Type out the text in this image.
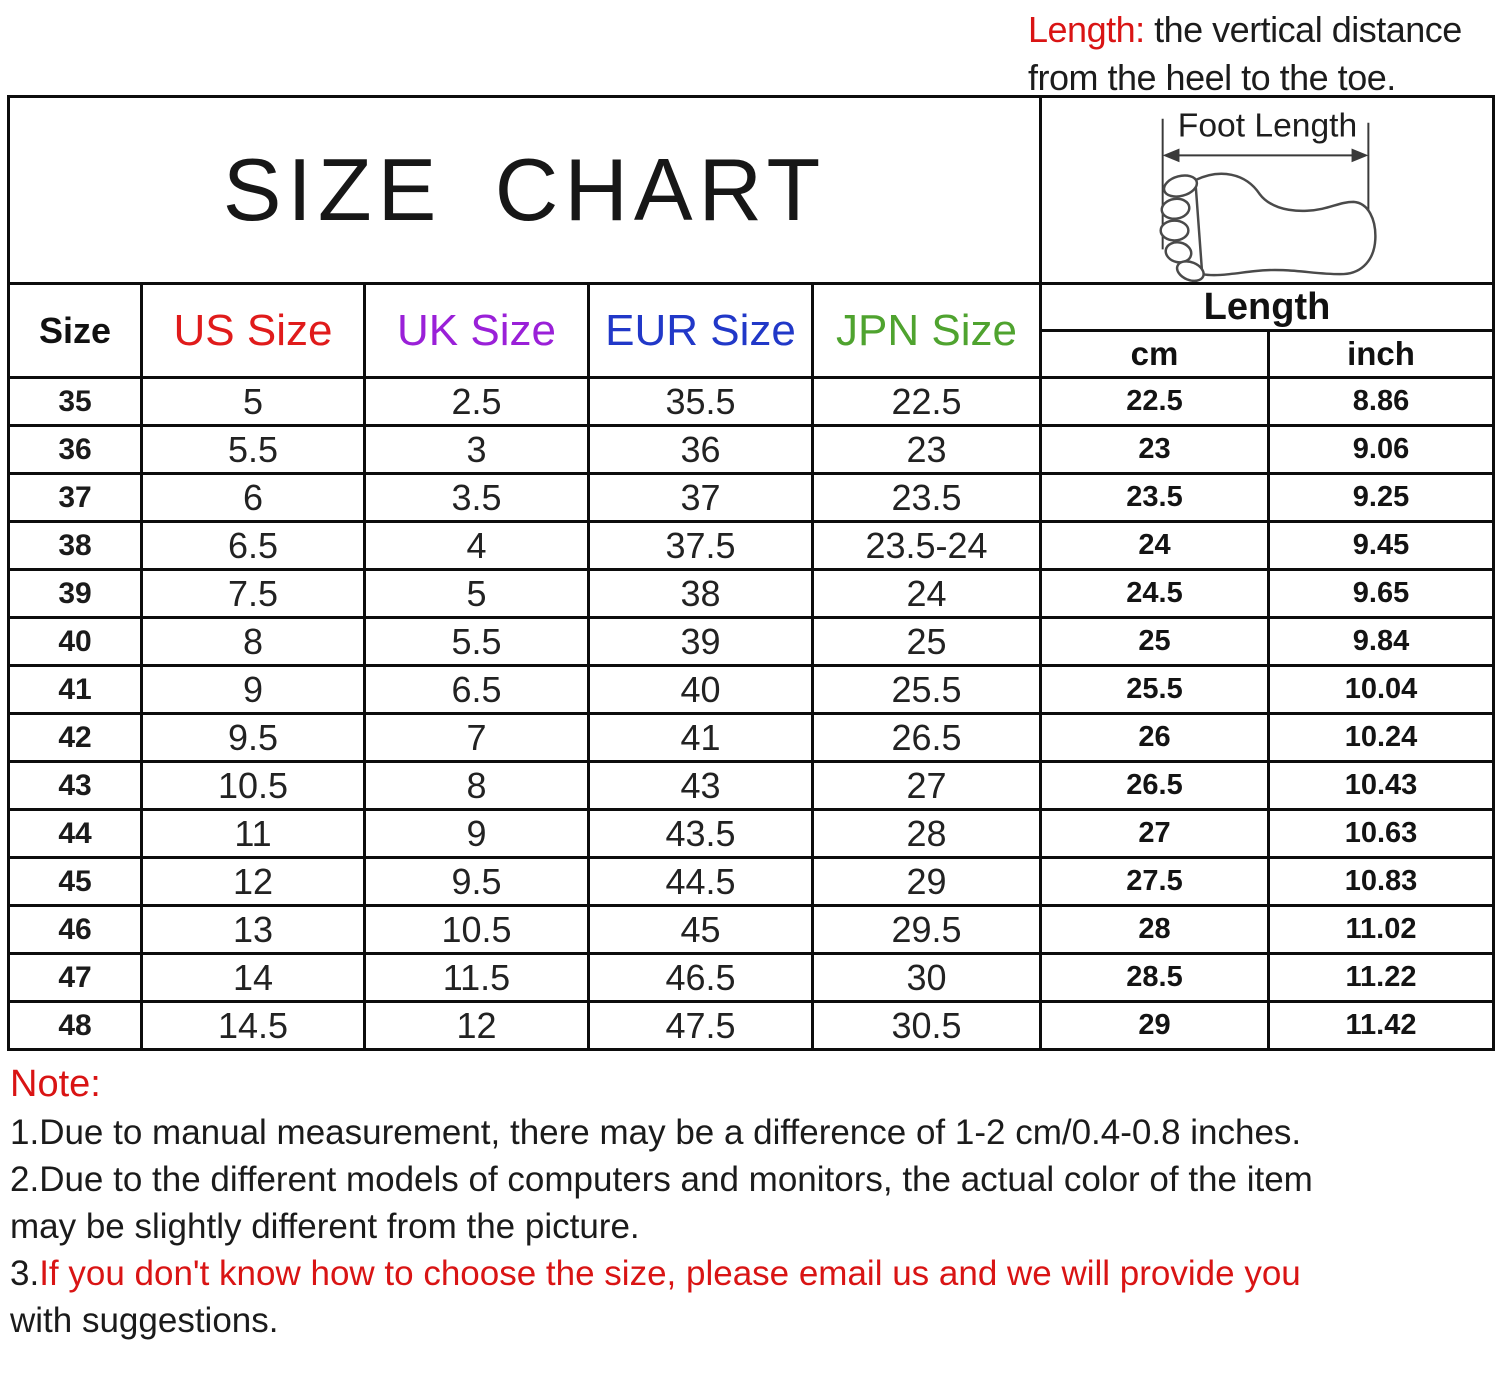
Length: the vertical distance
from the heel to the toe.
SIZE CHART					Foot Length	

Size	US Size	UK Size	EUR Size	JPN Size	Length	
					cm	inch
35	5	2.5	35.5	22.5	22.5	8.86
36	5.5	3	36	23	23	9.06
37	6	3.5	37	23.5	23.5	9.25
38	6.5	4	37.5	23.5-24	24	9.45
39	7.5	5	38	24	24.5	9.65
40	8	5.5	39	25	25	9.84
41	9	6.5	40	25.5	25.5	10.04
42	9.5	7	41	26.5	26	10.24
43	10.5	8	43	27	26.5	10.43
44	11	9	43.5	28	27	10.63
45	12	9.5	44.5	29	27.5	10.83
46	13	10.5	45	29.5	28	11.02
47	14	11.5	46.5	30	28.5	11.22
48	14.5	12	47.5	30.5	29	11.42
Note:
1.Due to manual measurement, there may be a difference of 1-2 cm/0.4-0.8 inches.
2.Due to the different models of computers and monitors, the actual color of the item
may be slightly different from the picture.
3.If you don't know how to choose the size, please email us and we will provide you
with suggestions.
